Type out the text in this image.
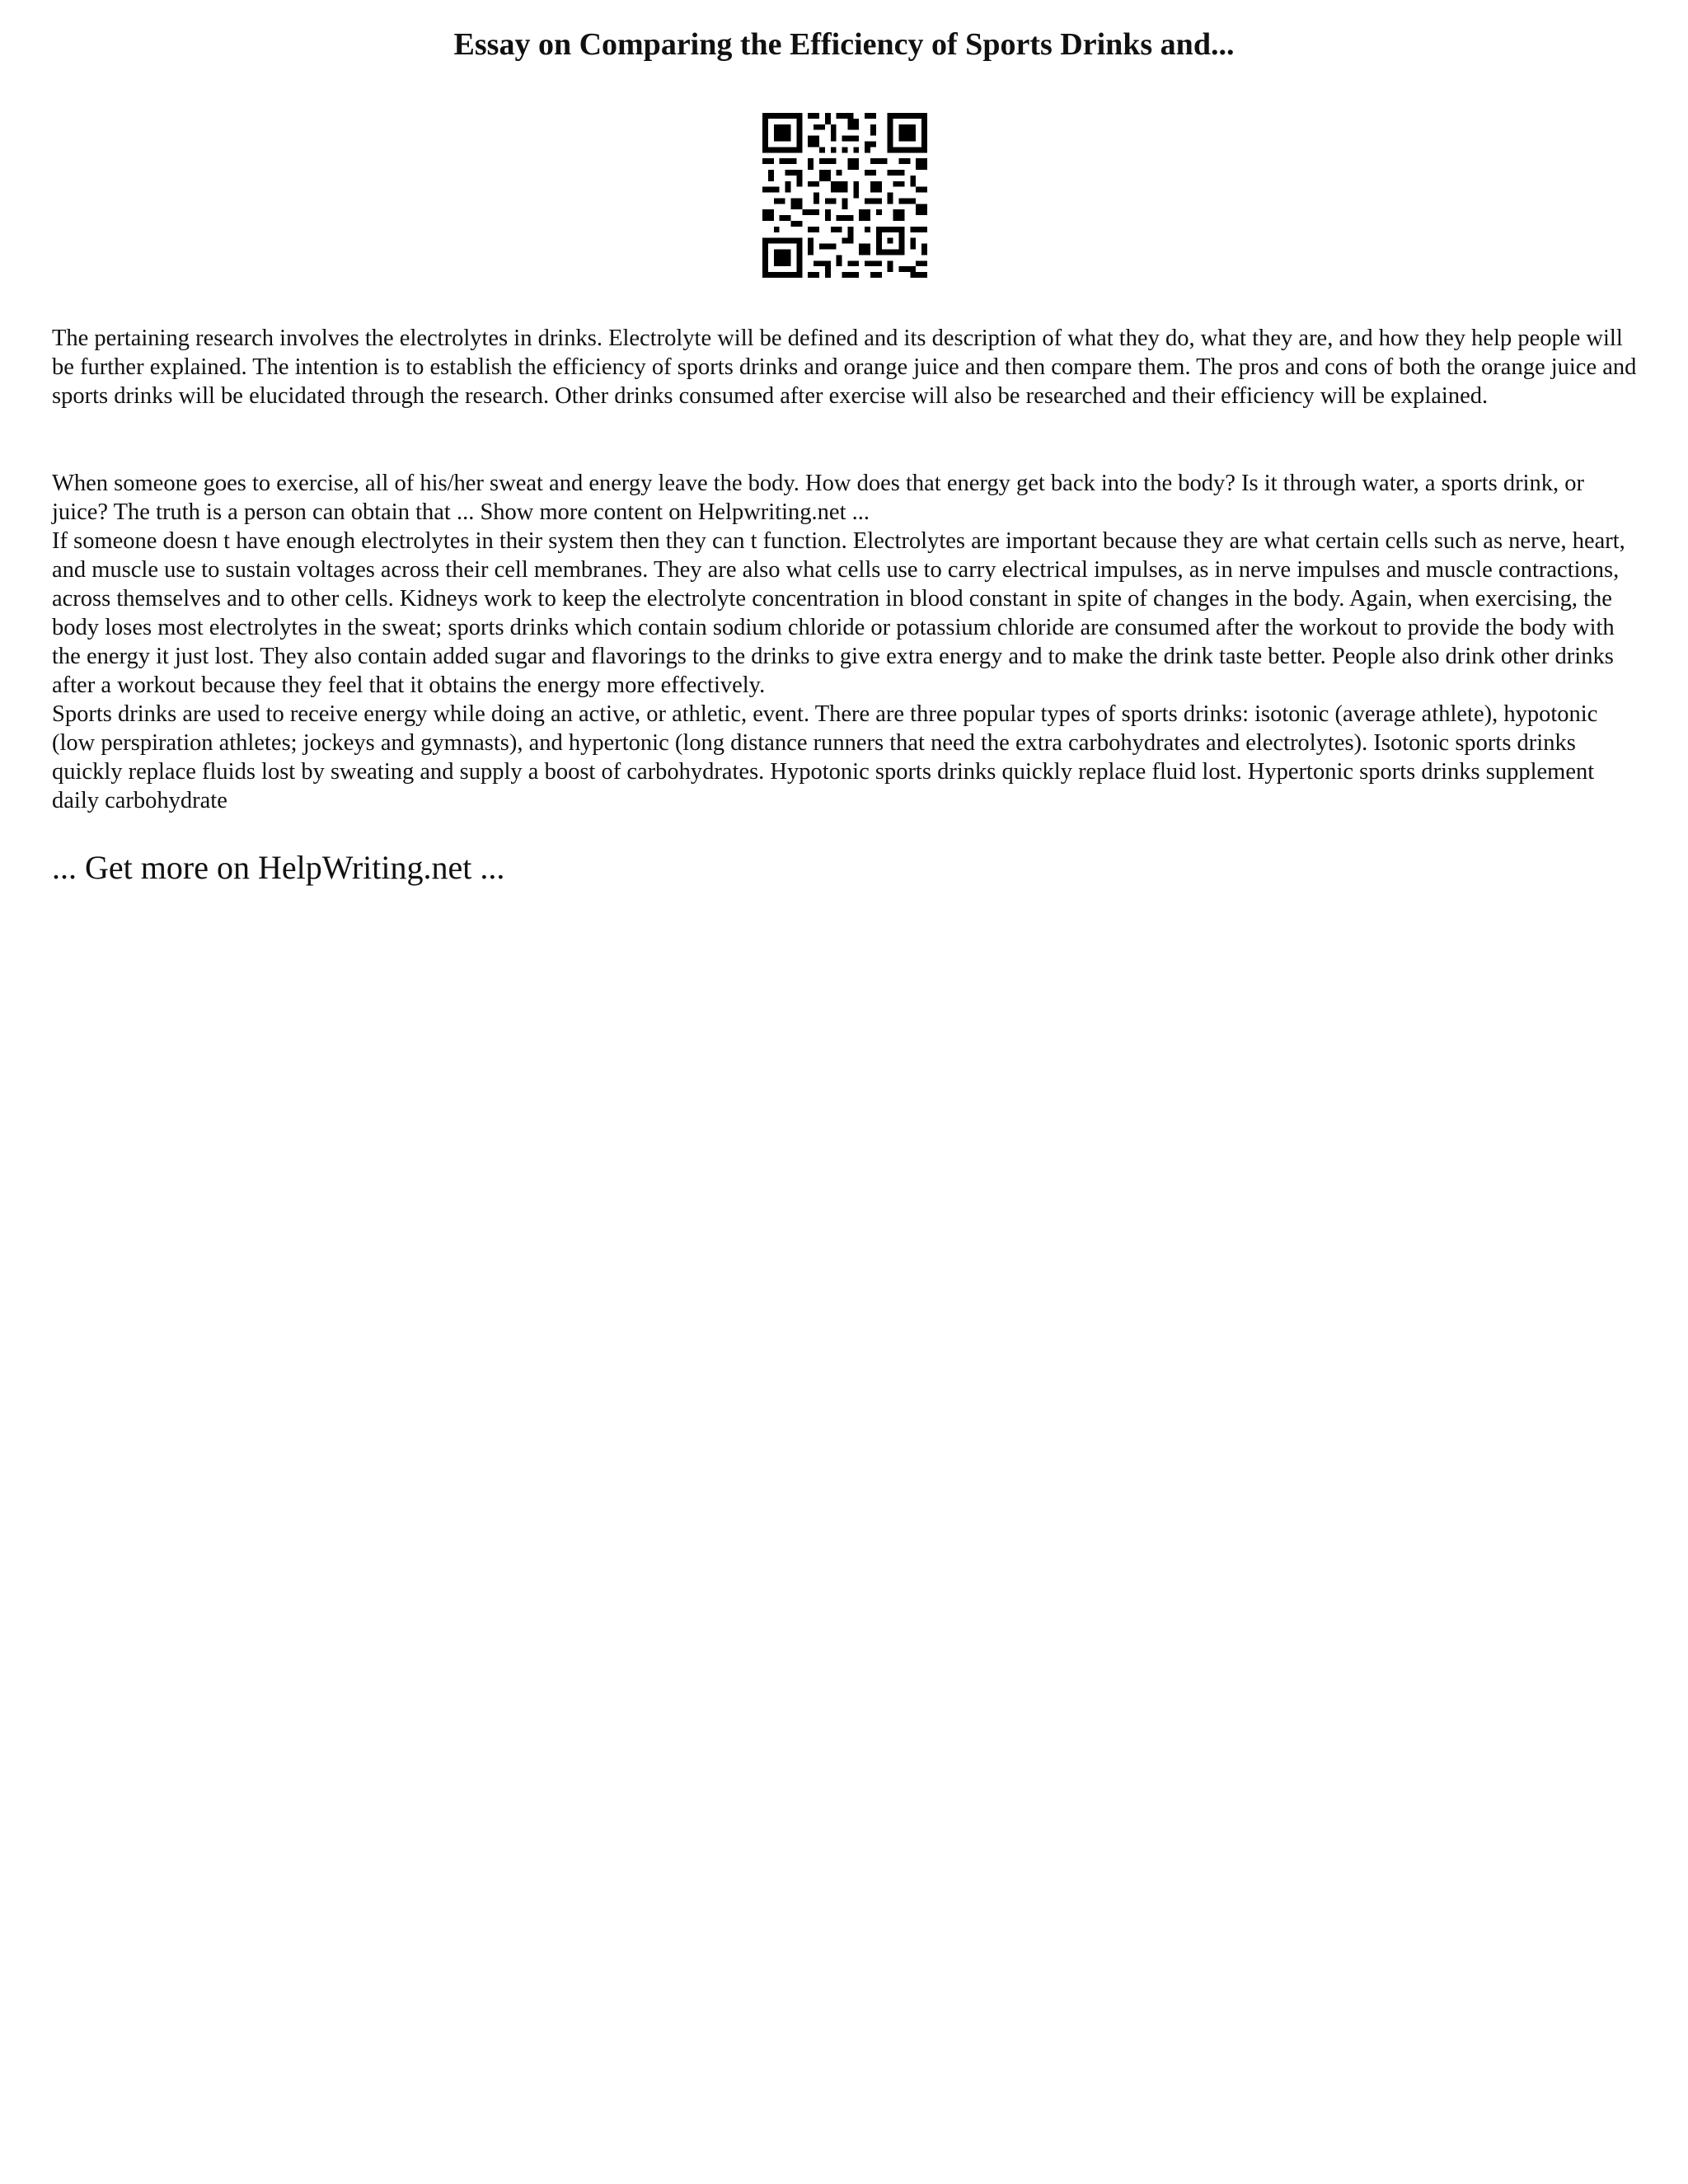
Essay on Comparing the Efficiency of Sports Drinks and...

The pertaining research involves the electrolytes in drinks. Electrolyte will be defined and its description of what they do, what they are, and how they help people will be further explained. The intention is to establish the efficiency of sports drinks and orange juice and then compare them. The pros and cons of both the orange juice and sports drinks will be elucidated through the research. Other drinks consumed after exercise will also be researched and their efficiency will be explained.

When someone goes to exercise, all of his/her sweat and energy leave the body. How does that energy get back into the body? Is it through water, a sports drink, or juice? The truth is a person can obtain that ... Show more content on Helpwriting.net ...
If someone doesn t have enough electrolytes in their system then they can t function. Electrolytes are important because they are what certain cells such as nerve, heart, and muscle use to sustain voltages across their cell membranes. They are also what cells use to carry electrical impulses, as in nerve impulses and muscle contractions, across themselves and to other cells. Kidneys work to keep the electrolyte concentration in blood constant in spite of changes in the body. Again, when exercising, the body loses most electrolytes in the sweat; sports drinks which contain sodium chloride or potassium chloride are consumed after the workout to provide the body with the energy it just lost. They also contain added sugar and flavorings to the drinks to give extra energy and to make the drink taste better. People also drink other drinks after a workout because they feel that it obtains the energy more effectively.
Sports drinks are used to receive energy while doing an active, or athletic, event. There are three popular types of sports drinks: isotonic (average athlete), hypotonic (low perspiration athletes; jockeys and gymnasts), and hypertonic (long distance runners that need the extra carbohydrates and electrolytes). Isotonic sports drinks quickly replace fluids lost by sweating and supply a boost of carbohydrates. Hypotonic sports drinks quickly replace fluid lost. Hypertonic sports drinks supplement daily carbohydrate

... Get more on HelpWriting.net ...
